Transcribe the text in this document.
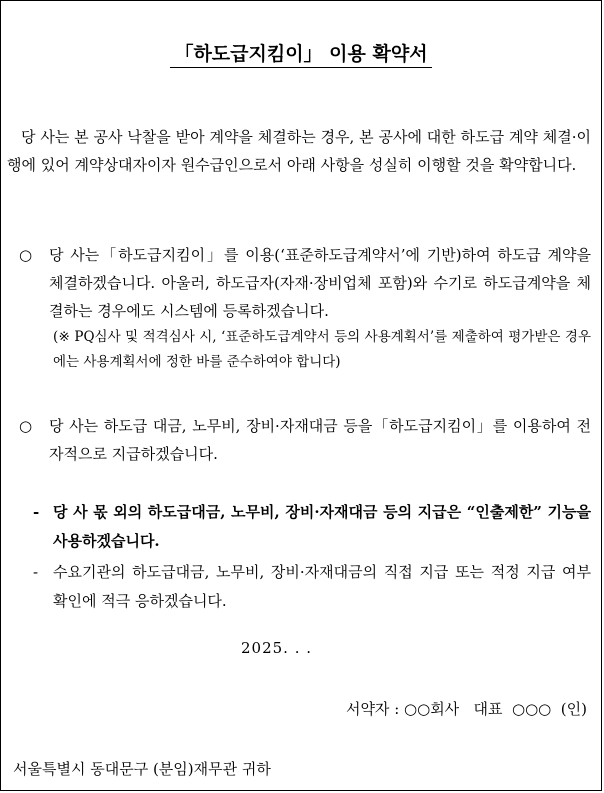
「하도급지킴이」 이용 확약서

당 사는 본 공사 낙찰을 받아 계약을 체결하는 경우, 본 공사에 대한 하도급 계약 체결·이행에 있어 계약상대자이자 원수급인으로서 아래 사항을 성실히 이행할 것을 확약합니다.

○	당 사는「하도급지킴이」를 이용(‘표준하도급계약서’에 기반)하여 하도급 계약을 체결하겠습니다. 아울러, 하도급자(자재·장비업체 포함)와 수기로 하도급계약을 체결하는 경우에도 시스템에 등록하겠습니다.
(※ PQ심사 및 적격심사 시, ‘표준하도급계약서 등의 사용계획서’를 제출하여 평가받은 경우에는 사용계획서에 정한 바를 준수하여야 합니다)
○	당 사는 하도급 대금, 노무비, 장비·자재대금 등을「하도급지킴이」를 이용하여 전자적으로 지급하겠습니다.
- 당 사 몫 외의 하도급대금, 노무비, 장비·자재대금 등의 지급은 “인출제한” 기능을 사용하겠습니다.
- 수요기관의 하도급대금, 노무비, 장비·자재대금의 직접 지급 또는 적정 지급 여부 확인에 적극 응하겠습니다.
2025. . .
서약자 : ○○회사   대표  ○○○  (인)
서울특별시 동대문구 (분임)재무관 귀하
